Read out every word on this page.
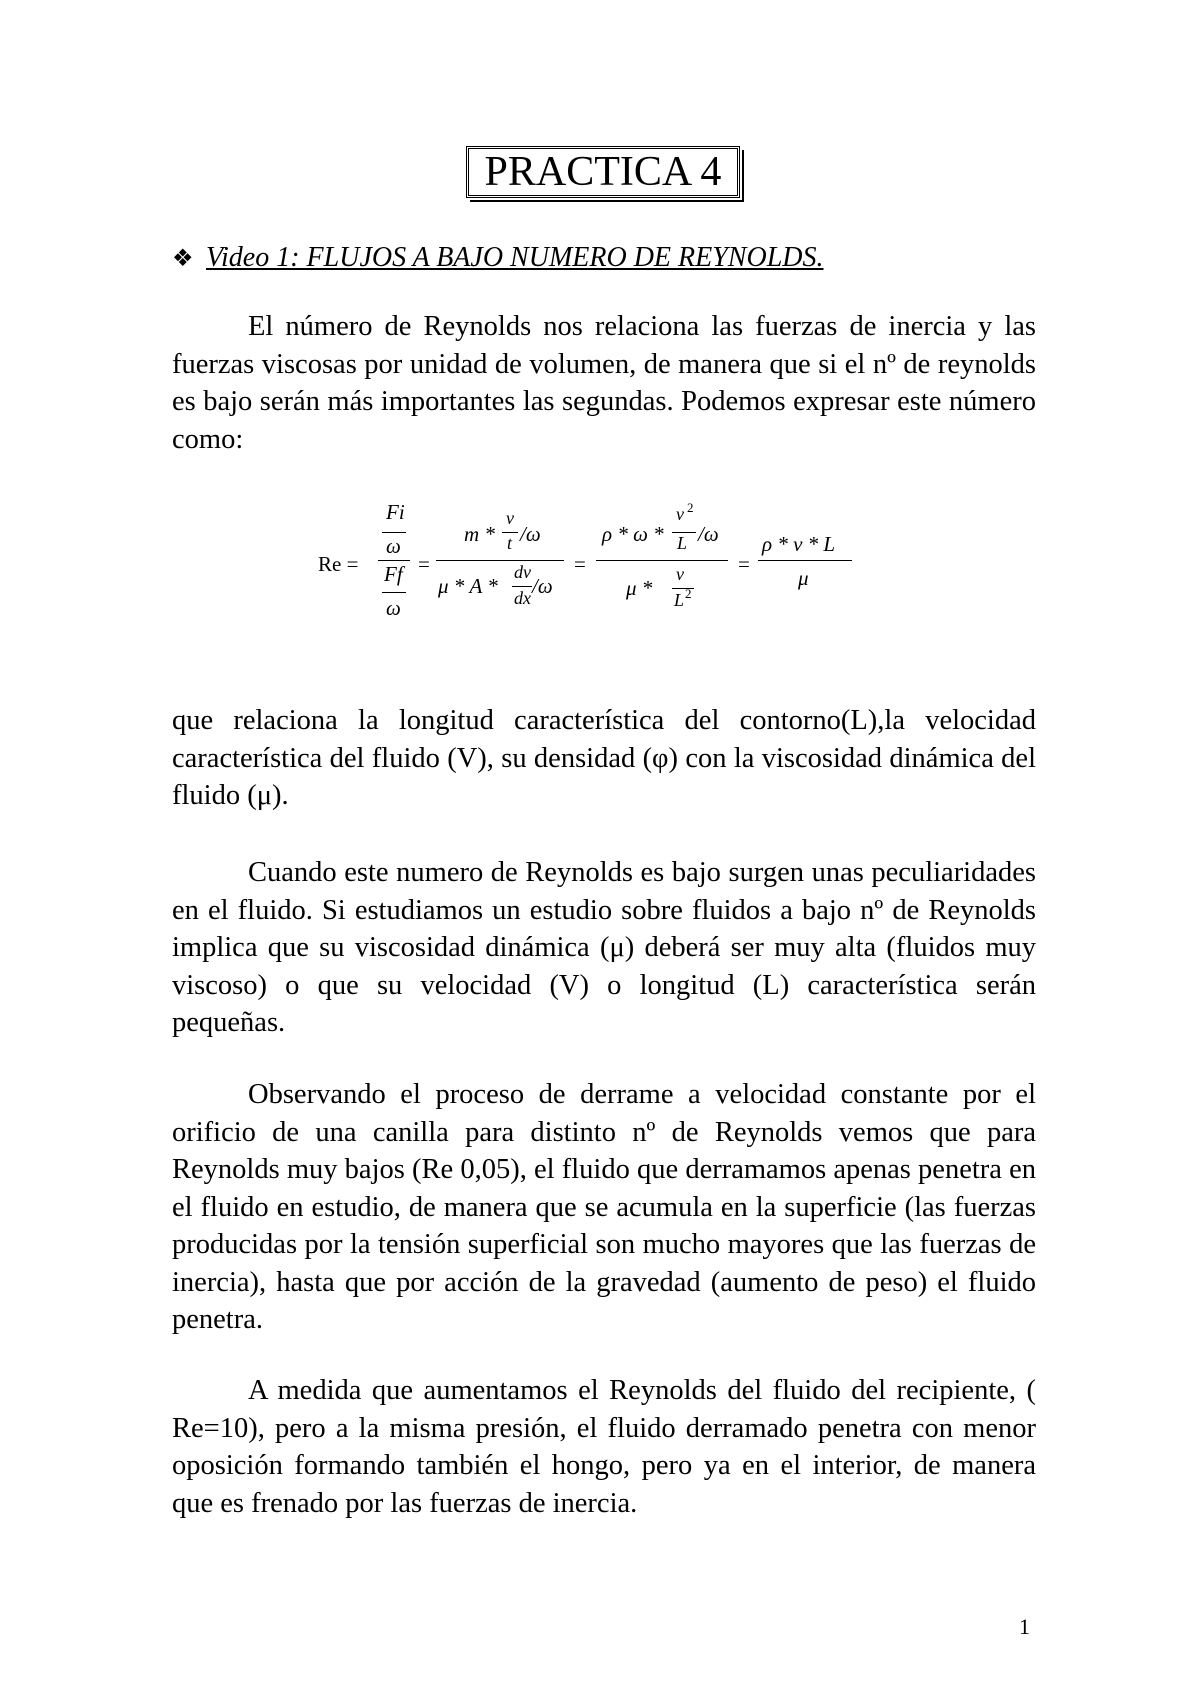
PRACTICA 4
❖ Video 1: FLUJOS A BAJO NUMERO DE REYNOLDS.

El número de Reynolds nos relaciona las fuerzas de inercia y las fuerzas viscosas por unidad de volumen, de manera que si el nº de reynolds es bajo serán más importantes las segundas. Podemos expresar este número como:

Re =
Fi
ω
Ff
ω
=
m *
v
t /ω
μ * A *
dv
dx /ω
=
ρ * ω *
v 2
L /ω
μ *
v
L 2
=
ρ * v * L
μ

que relaciona la longitud característica del contorno(L),la velocidad característica del fluido (V), su densidad (φ) con la viscosidad dinámica del fluido (μ).

Cuando este numero de Reynolds es bajo surgen unas peculiaridades en el fluido. Si estudiamos un estudio sobre fluidos a bajo nº de Reynolds implica que su viscosidad dinámica (μ) deberá ser muy alta (fluidos muy viscoso) o que su velocidad (V) o longitud (L) característica serán pequeñas.

Observando el proceso de derrame a velocidad constante por el orificio de una canilla para distinto nº de Reynolds vemos que para Reynolds muy bajos (Re 0,05), el fluido que derramamos apenas penetra en el fluido en estudio, de manera que se acumula en la superficie (las fuerzas producidas por la tensión superficial son mucho mayores que las fuerzas de inercia), hasta que por acción de la gravedad (aumento de peso) el fluido penetra.

A medida que aumentamos el Reynolds del fluido del recipiente, ( Re=10), pero a la misma presión, el fluido derramado penetra con menor oposición formando también el hongo, pero ya en el interior, de manera que es frenado por las fuerzas de inercia.

1
